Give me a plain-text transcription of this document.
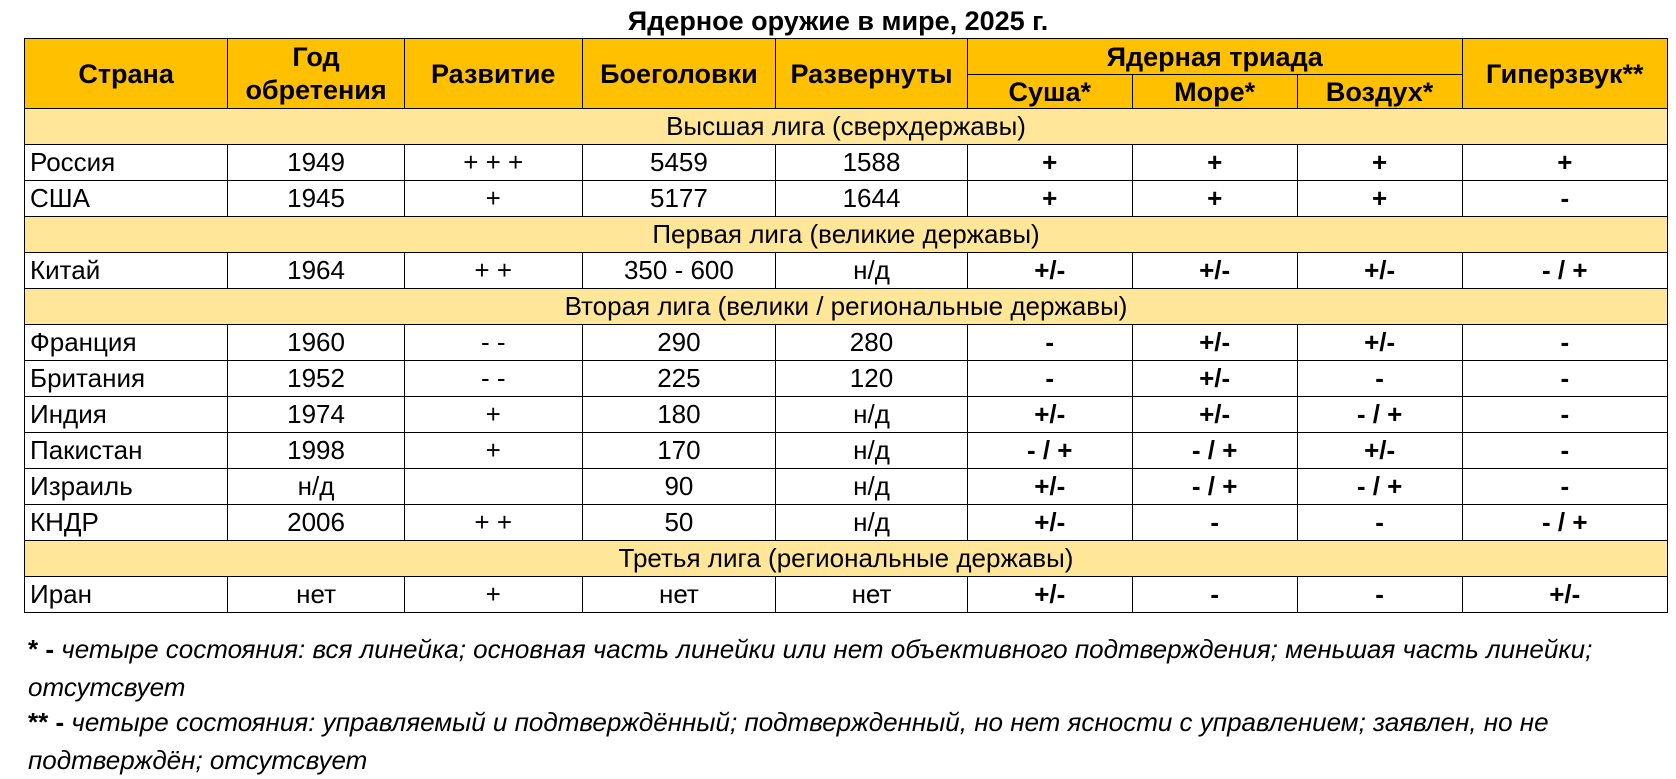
Ядерное оружие в мире, 2025 г.
Страна	Год обретения	Развитие	Боеголовки	Развернуты	Ядерная триада			Гиперзвук**
					Суша*	Море*	Воздух*	
Высшая лига (сверхдержавы)								
Россия	1949	+ + +	5459	1588	+	+	+	+
США	1945	+	5177	1644	+	+	+	-
Первая лига (великие державы)								
Китай	1964	+ +	350 - 600	н/д	+/-	+/-	+/-	- / +
Вторая лига (велики / региональные державы)								
Франция	1960	- -	290	280	-	+/-	+/-	-
Британия	1952	- -	225	120	-	+/-	-	-
Индия	1974	+	180	н/д	+/-	+/-	- / +	-
Пакистан	1998	+	170	н/д	- / +	- / +	+/-	-
Израиль	н/д		90	н/д	+/-	- / +	- / +	-
КНДР	2006	+ +	50	н/д	+/-	-	-	- / +
Третья лига (региональные державы)								
Иран	нет	+	нет	нет	+/-	-	-	+/-
* - четыре состояния: вся линейка; основная часть линейки или нет объективного подтверждения; меньшая часть линейки; отсутсвует
** - четыре состояния: управляемый и подтверждённый; подтвержденный, но нет ясности с управлением; заявлен, но не подтверждён; отсутсвует
